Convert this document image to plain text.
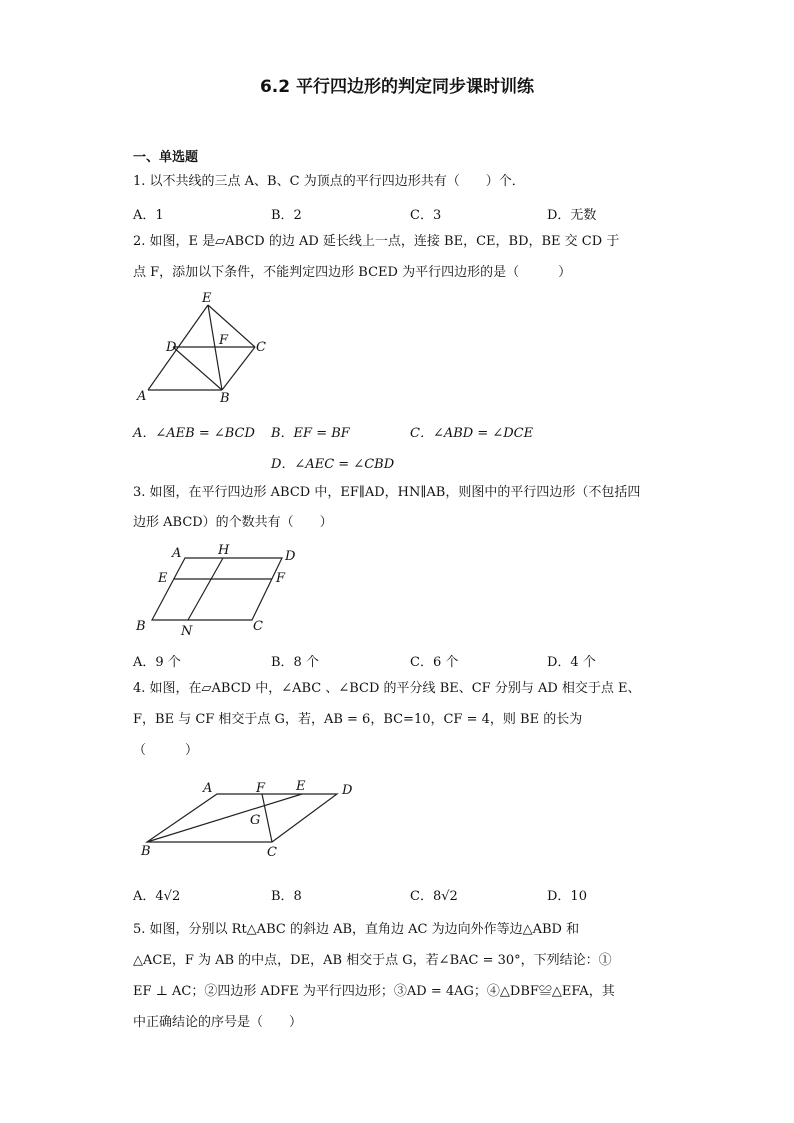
6.2 平行四边形的判定同步课时训练
一、单选题
1. 以不共线的三点 A、B、C 为顶点的平行四边形共有（　　）个．
A．1	B．2	C．3	D．无数
2. 如图，E 是▱ABCD 的边 AD 延长线上一点，连接 BE，CE，BD，BE 交 CD 于
点 F，添加以下条件，不能判定四边形 BCED 为平行四边形的是（　　　）
E
D	F C
A	B
A．∠AEB = ∠BCD B．EF = BF	C．∠ABD = ∠DCE
D．∠AEC = ∠CBD
3. 如图，在平行四边形 ABCD 中，EF∥AD，HN∥AB，则图中的平行四边形（不包括四
边形 ABCD）的个数共有（　　）
A	H	D
E	F
B	N	C
A．9 个	B．8 个	C．6 个	D．4 个
4. 如图，在▱ABCD 中，∠ABC 、∠BCD 的平分线 BE、CF 分别与 AD 相交于点 E、
F，BE 与 CF 相交于点 G，若，AB = 6，BC=10，CF = 4，则 BE 的长为
（　　　）
A	F E	D
G
B	C
A．4√2	B．8	C．8√2	D．10
5. 如图，分别以 Rt△ABC 的斜边 AB，直角边 AC 为边向外作等边△ABD 和
△ACE，F 为 AB 的中点，DE，AB 相交于点 G，若∠BAC = 30°，下列结论：①
EF ⊥ AC；②四边形 ADFE 为平行四边形；③AD = 4AG；④△DBF≌△EFA，其
中正确结论的序号是（　　）
